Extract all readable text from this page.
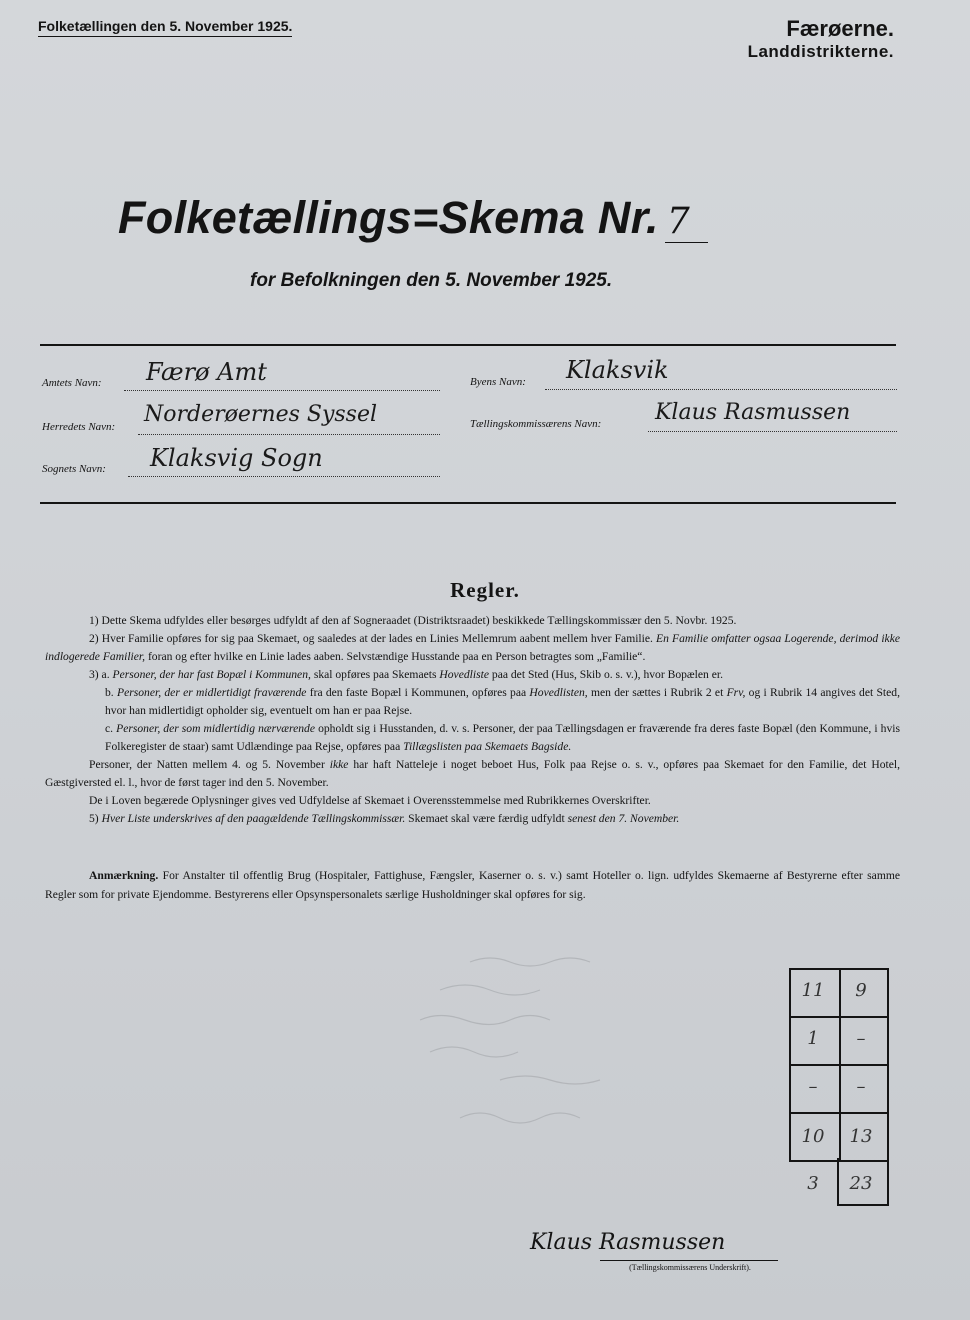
Folketællingen den 5. November 1925.	Færøerne.
Landdistrikterne.
Folketællings=Skema Nr. 7
for Befolkningen den 5. November 1925.
Amtets Navn: Færø Amt
Herredets Navn: Norderøernes Syssel
Sognets Navn: Klaksvig Sogn
Byens Navn: Klaksvik
Tællingskommissærens Navn: Klaus Rasmussen
Regler.

1) Dette Skema udfyldes eller besørges udfyldt af den af Sogneraadet (Distriktsraadet) beskikkede Tællingskommissær den 5. Novbr. 1925.

2) Hver Familie opføres for sig paa Skemaet, og saaledes at der lades en Linies Mellemrum aabent mellem hver Familie. En Familie omfatter ogsaa Logerende, derimod ikke indlogerede Familier, foran og efter hvilke en Linie lades aaben. Selvstændige Husstande paa en Person betragtes som „Familie“.

3) a. Personer, der har fast Bopæl i Kommunen, skal opføres paa Skemaets Hovedliste paa det Sted (Hus, Skib o. s. v.), hvor Bopælen er.

b. Personer, der er midlertidigt fraværende fra den faste Bopæl i Kommunen, opføres paa Hovedlisten, men der sættes i Rubrik 2 et Frv, og i Rubrik 14 angives det Sted, hvor han midlertidigt opholder sig, eventuelt om han er paa Rejse.

c. Personer, der som midlertidig nærværende opholdt sig i Husstanden, d. v. s. Personer, der paa Tællingsdagen er fraværende fra deres faste Bopæl (den Kommune, i hvis Folkeregister de staar) samt Udlændinge paa Rejse, opføres paa Tillægslisten paa Skemaets Bagside.

Personer, der Natten mellem 4. og 5. November ikke har haft Natteleje i noget beboet Hus, Folk paa Rejse o. s. v., opføres paa Skemaet for den Familie, det Hotel, Gæstgiversted el. l., hvor de først tager ind den 5. November.

De i Loven begærede Oplysninger gives ved Udfyldelse af Skemaet i Overensstemmelse med Rubrikkernes Overskrifter.

5) Hver Liste underskrives af den paagældende Tællingskommissær. Skemaet skal være færdig udfyldt senest den 7. November.

Anmærkning. For Anstalter til offentlig Brug (Hospitaler, Fattighuse, Fængsler, Kaserner o. s. v.) samt Hoteller o. lign. udfyldes Skemaerne af Bestyrerne efter samme Regler som for private Ejendomme. Bestyrerens eller Opsynspersonalets særlige Husholdninger skal opføres for sig.
11	9
1	–
–	–
10	13
3	23
Klaus Rasmussen
(Tællingskommissærens Underskrift).
